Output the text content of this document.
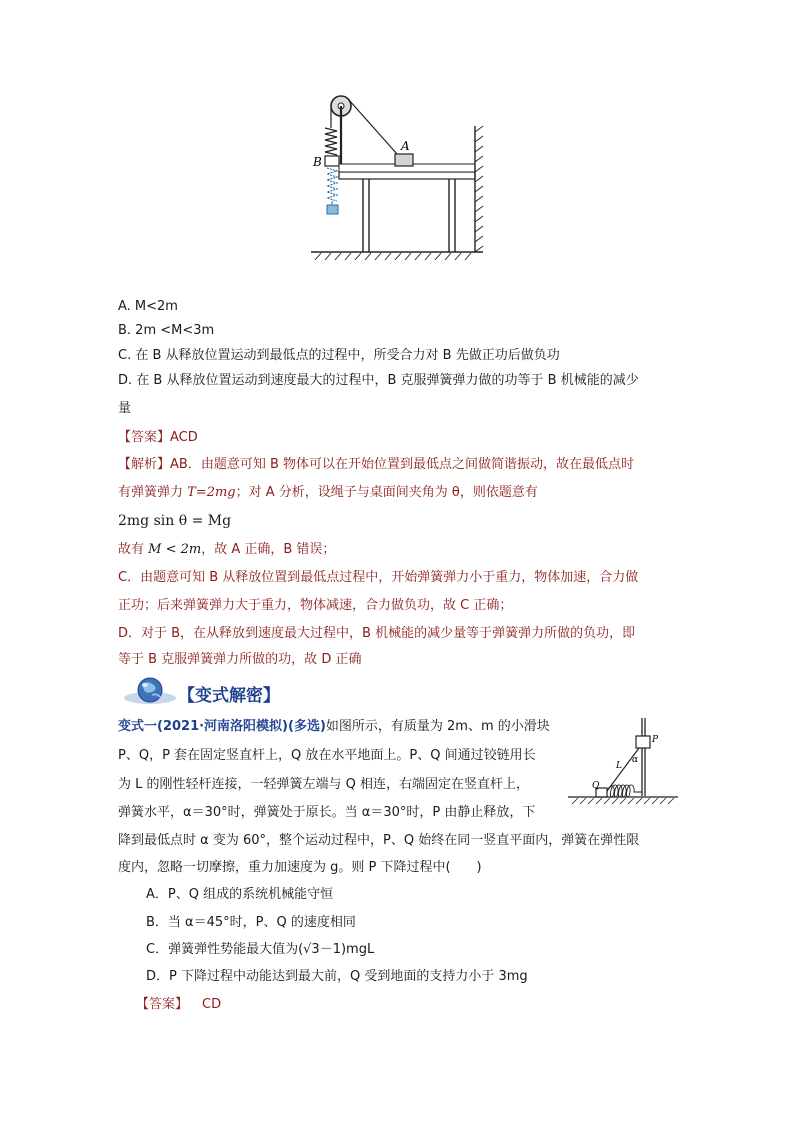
A
B
A. M<2m
B. 2m <M<3m
C. 在 B 从释放位置运动到最低点的过程中，所受合力对 B 先做正功后做负功
D. 在 B 从释放位置运动到速度最大的过程中，B 克服弹簧弹力做的功等于 B 机械能的减少
量
【答案】ACD
【解析】AB．由题意可知 B 物体可以在开始位置到最低点之间做简谐振动，故在最低点时
有弹簧弹力 T=2mg；对 A 分析，设绳子与桌面间夹角为 θ，则依题意有
2mg sin θ = Mg
故有 M < 2m，故 A 正确，B 错误；
C．由题意可知 B 从释放位置到最低点过程中，开始弹簧弹力小于重力，物体加速，合力做
正功；后来弹簧弹力大于重力，物体减速，合力做负功，故 C 正确；
D．对于 B，在从释放到速度最大过程中，B 机械能的减少量等于弹簧弹力所做的负功，即
等于 B 克服弹簧弹力所做的功，故 D 正确
【变式解密】
变式一(2021·河南洛阳模拟)(多选)如图所示，有质量为 2m、m 的小滑块
P、Q，P 套在固定竖直杆上，Q 放在水平地面上。P、Q 间通过铰链用长
为 L 的刚性轻杆连接，一轻弹簧左端与 Q 相连，右端固定在竖直杆上，
弹簧水平，α＝30°时，弹簧处于原长。当 α＝30°时，P 由静止释放，下
降到最低点时 α 变为 60°，整个运动过程中，P、Q 始终在同一竖直平面内，弹簧在弹性限
度内，忽略一切摩擦，重力加速度为 g。则 P 下降过程中(　　)
A．P、Q 组成的系统机械能守恒
B．当 α＝45°时，P、Q 的速度相同
C．弹簧弹性势能最大值为(√3－1)mgL
D．P 下降过程中动能达到最大前，Q 受到地面的支持力小于 3mg
【答案】 CD
P
Q
L
α
